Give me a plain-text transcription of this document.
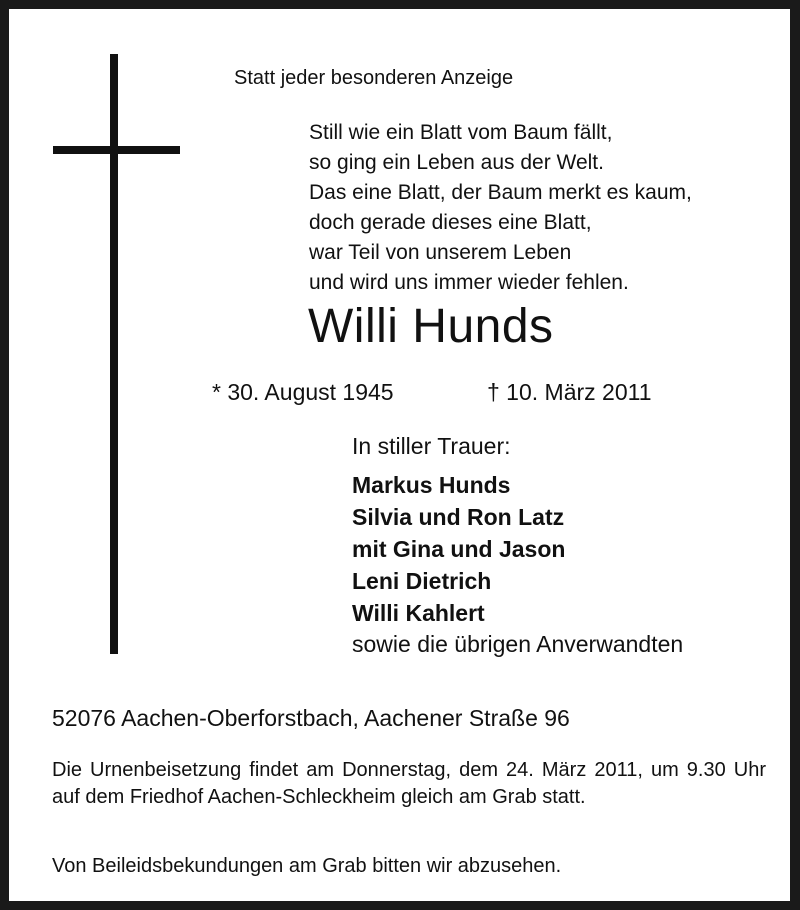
Statt jeder besonderen Anzeige
Still wie ein Blatt vom Baum fällt,
so ging ein Leben aus der Welt.
Das eine Blatt, der Baum merkt es kaum,
doch gerade dieses eine Blatt,
war Teil von unserem Leben
und wird uns immer wieder fehlen.
Willi Hunds
* 30. August 1945	† 10. März 2011
In stiller Trauer:
Markus Hunds
Silvia und Ron Latz
mit Gina und Jason
Leni Dietrich
Willi Kahlert
sowie die übrigen Anverwandten
52076 Aachen-Oberforstbach, Aachener Straße 96
Die Urnenbeisetzung findet am Donnerstag, dem 24. März 2011, um 9.30 Uhr auf dem Friedhof Aachen-Schleckheim gleich am Grab statt.
Von Beileidsbekundungen am Grab bitten wir abzusehen.
